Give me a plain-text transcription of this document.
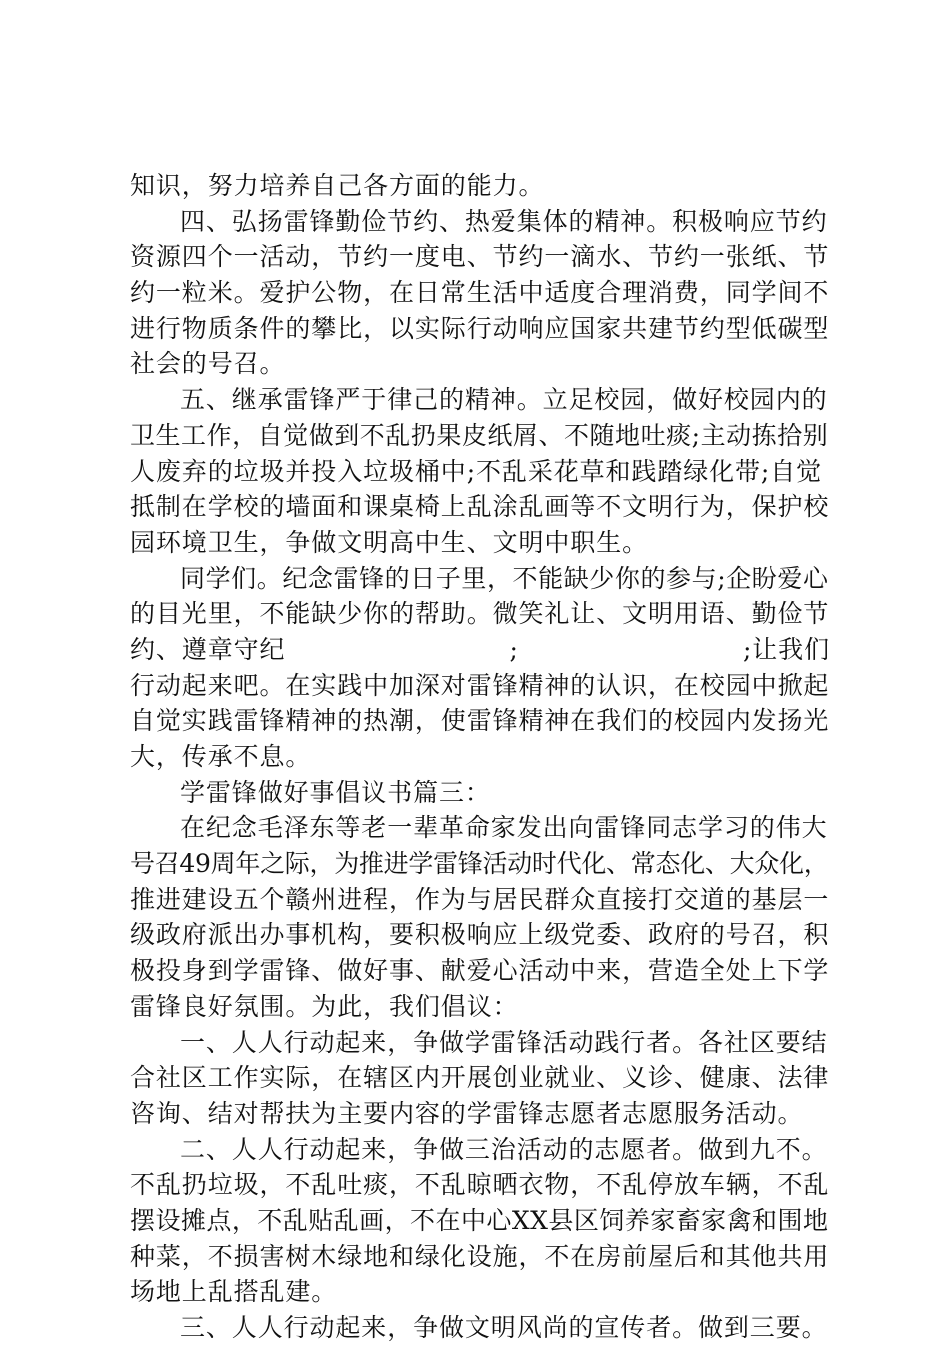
知识，努力培养自己各方面的能力。
四、弘扬雷锋勤俭节约、热爱集体的精神。积极响应节约
资源四个一活动，节约一度电、节约一滴水、节约一张纸、节
约一粒米。爱护公物，在日常生活中适度合理消费，同学间不
进行物质条件的攀比，以实际行动响应国家共建节约型低碳型
社会的号召。
五、继承雷锋严于律己的精神。立足校园，做好校园内的
卫生工作，自觉做到不乱扔果皮纸屑、不随地吐痰;主动拣拾别
人废弃的垃圾并投入垃圾桶中;不乱采花草和践踏绿化带;自觉
抵制在学校的墙面和课桌椅上乱涂乱画等不文明行为，保护校
园环境卫生，争做文明高中生、文明中职生。
同学们。纪念雷锋的日子里，不能缺少你的参与;企盼爱心
的目光里，不能缺少你的帮助。微笑礼让、文明用语、勤俭节
约、遵章守纪	;	;让我们
行动起来吧。在实践中加深对雷锋精神的认识，在校园中掀起
自觉实践雷锋精神的热潮，使雷锋精神在我们的校园内发扬光
大，传承不息。
学雷锋做好事倡议书篇三：
在纪念毛泽东等老一辈革命家发出向雷锋同志学习的伟大
号召49周年之际，为推进学雷锋活动时代化、常态化、大众化，
推进建设五个赣州进程，作为与居民群众直接打交道的基层一
级政府派出办事机构，要积极响应上级党委、政府的号召，积
极投身到学雷锋、做好事、献爱心活动中来，营造全处上下学
雷锋良好氛围。为此，我们倡议：
一、人人行动起来，争做学雷锋活动践行者。各社区要结
合社区工作实际，在辖区内开展创业就业、义诊、健康、法律
咨询、结对帮扶为主要内容的学雷锋志愿者志愿服务活动。
二、人人行动起来，争做三治活动的志愿者。做到九不。
不乱扔垃圾，不乱吐痰，不乱晾晒衣物，不乱停放车辆，不乱
摆设摊点，不乱贴乱画，不在中心XX县区饲养家畜家禽和围地
种菜，不损害树木绿地和绿化设施，不在房前屋后和其他共用
场地上乱搭乱建。
三、人人行动起来，争做文明风尚的宣传者。做到三要。
